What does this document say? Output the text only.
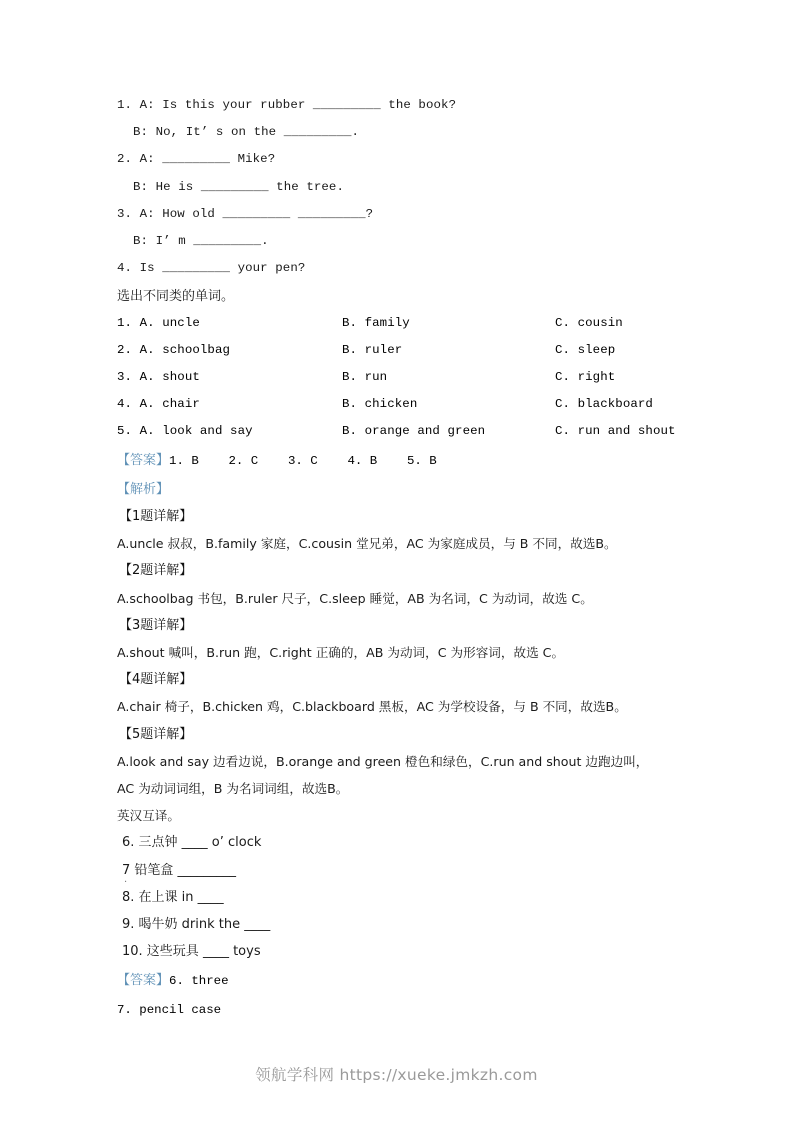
1. A: Is this your rubber _________ the book?
B: No, It’ s on the _________.
2. A: _________ Mike?
B: He is _________ the tree.
3. A: How old _________ _________?
B: I’ m _________.
4. Is _________ your pen?
选出不同类的单词。
1. A. uncle	B. family	C. cousin
2. A. schoolbag	B. ruler	C. sleep
3. A. shout	B. run	C. right
4. A. chair	B. chicken	C. blackboard
5. A. look and say	B. orange and green	C. run and shout
【答案】1. B    2. C    3. C    4. B    5. B
【解析】
【1题详解】
A.uncle 叔叔，B.family 家庭，C.cousin 堂兄弟，AC 为家庭成员，与 B 不同，故选B。
【2题详解】
A.schoolbag 书包，B.ruler 尺子，C.sleep 睡觉，AB 为名词，C 为动词，故选 C。
【3题详解】
A.shout 喊叫，B.run 跑，C.right 正确的，AB 为动词，C 为形容词，故选 C。
【4题详解】
A.chair 椅子，B.chicken 鸡，C.blackboard 黑板，AC 为学校设备，与 B 不同，故选B。
【5题详解】
A.look and say 边看边说，B.orange and green 橙色和绿色，C.run and shout 边跑边叫，
AC 为动词词组，B 为名词词组，故选B。
英汉互译。
6. 三点钟 ____ o’ clock
7 铅笔盒 _________
·
8. 在上课 in ____
9. 喝牛奶 drink the ____
10. 这些玩具 ____ toys
【答案】6. three
7. pencil case
领航学科网 https://xueke.jmkzh.com
